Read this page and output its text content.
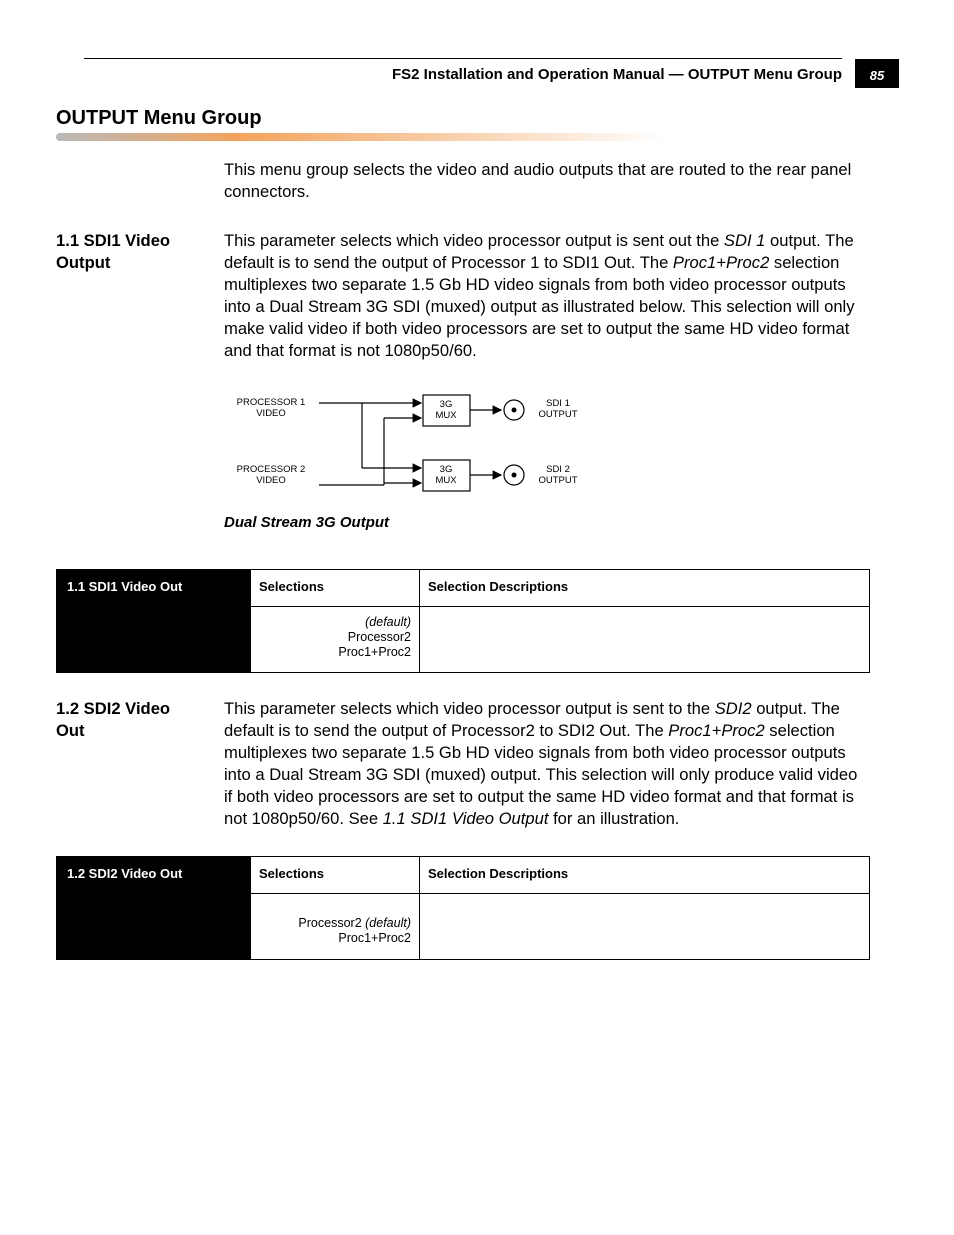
FS2 Installation and Operation Manual — OUTPUT Menu Group	85
OUTPUT Menu Group
This menu group selects the video and audio outputs that are routed to the rear panel connectors.
1.1 SDI1 Video
Output
This parameter selects which video processor output is sent out the SDI 1 output. The default is to send the output of Processor 1 to SDI1 Out. The Proc1+Proc2 selection multiplexes two separate 1.5 Gb HD video signals from both video processor outputs into a Dual Stream 3G SDI (muxed) output as illustrated below. This selection will only make valid video if both video processors are set to output the same HD video format and that format is not 1080p50/60.
PROCESSOR 1
VIDEO
PROCESSOR 2
VIDEO
3G
MUX
3G
MUX
SDI 1
OUTPUT
SDI 2
OUTPUT
Dual Stream 3G Output
1.1 SDI1 Video Out	Selections	Selection Descriptions

	(default)
Processor2
Proc1+Proc2	

1.2 SDI2 Video
Out
This parameter selects which video processor output is sent to the SDI2 output. The default is to send the output of Processor2 to SDI2 Out. The Proc1+Proc2 selection multiplexes two separate 1.5 Gb HD video signals from both video processor outputs into a Dual Stream 3G SDI (muxed) output. This selection will only produce valid video if both video processors are set to output the same HD video format and that format is not 1080p50/60. See 1.1 SDI1 Video Output for an illustration.
1.2 SDI2 Video Out	Selections	Selection Descriptions

	Processor2 (default)
Proc1+Proc2	
